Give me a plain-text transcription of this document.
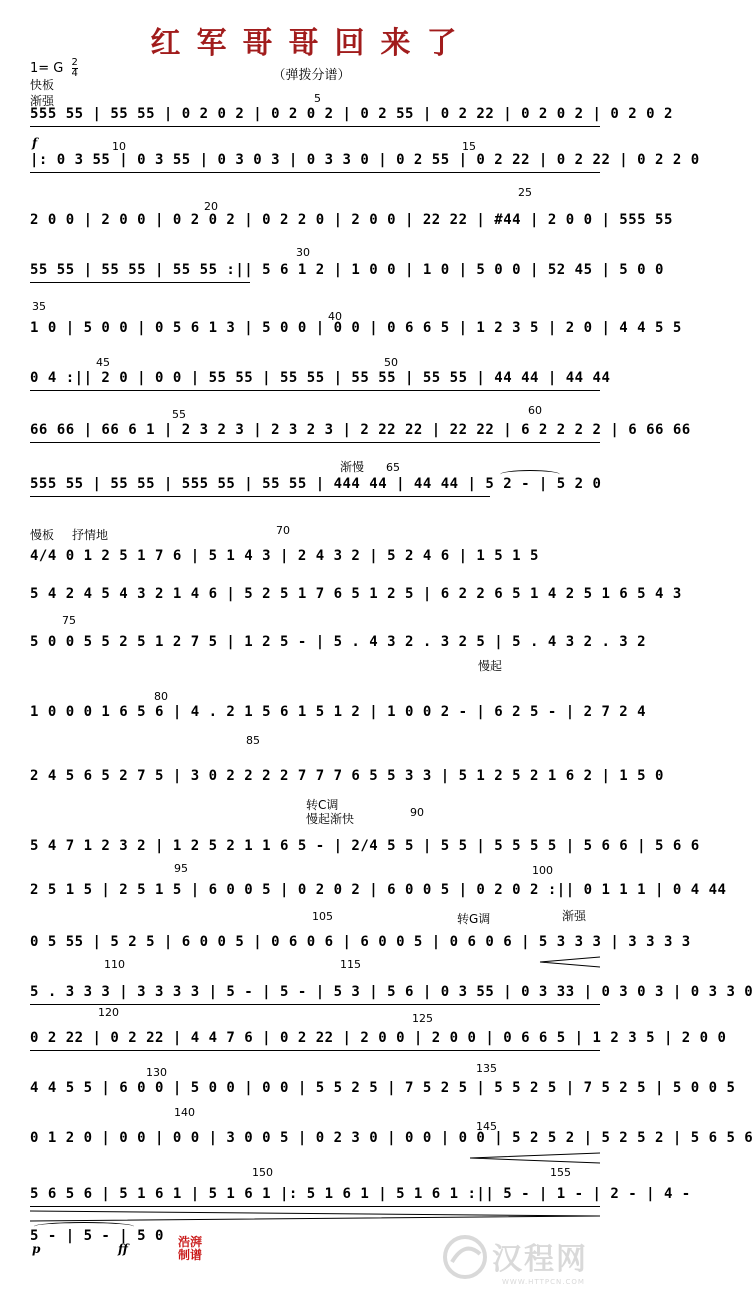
红军哥哥回来了
（弹拨分谱）
1= G $\frac{2}{4}$
快板
渐强
f
渐慢
慢板 抒情地
慢起
转C调
慢起渐快
转G调	渐强
p	ff
5
10	15
20
25
30
35
40
45	50
55	60
65
70
75
80
85
90
95	100
105
110	115
120	125
130	135
140
145
150	155
555 55 | 55 55 | 0 2 0 2 | 0 2 0 2 | 0 2 55 | 0 2 22 | 0 2 0 2 | 0 2 0 2
|: 0 3 55 | 0 3 55 | 0 3 0 3 | 0 3 3 0 | 0 2 55 | 0 2 22 | 0 2 22 | 0 2 2 0
2 0 0 | 2 0 0 | 0 2 0 2 | 0 2 2 0 | 2 0 0 | 22 22 | #44 | 2 0 0 | 555 55
55 55 | 55 55 | 55 55 :|| 5 6 1 2 | 1 0 0 | 1 0 | 5 0 0 | 52 45 | 5 0 0
1 0 | 5 0 0 | 0 5 6 1 3 | 5 0 0 | 0 0 | 0 6 6 5 | 1 2 3 5 | 2 0 | 4 4 5 5
0 4 :|| 2 0 | 0 0 | 55 55 | 55 55 | 55 55 | 55 55 | 44 44 | 44 44
66 66 | 66 6 1 | 2 3 2 3 | 2 3 2 3 | 2 22 22 | 22 22 | 6 2 2 2 2 | 6 66 66
555 55 | 55 55 | 555 55 | 55 55 | 444 44 | 44 44 | 5 2 - | 5 2 0
4/4 0 1 2 5 1 7 6 | 5 1 4 3 | 2 4 3 2 | 5 2 4 6 | 1 5 1 5
5 4 2 4 5 4 3 2 1 4 6 | 5 2 5 1 7 6 5 1 2 5 | 6 2 2 6 5 1 4 2 5 1 6 5 4 3
5 0 0 5 5 2 5 1 2 7 5 | 1 2 5 - | 5 . 4 3 2 . 3 2 5 | 5 . 4 3 2 . 3 2
1 0 0 0 1 6 5 6 | 4 . 2 1 5 6 1 5 1 2 | 1 0 0 2 - | 6 2 5 - | 2 7 2 4
2 4 5 6 5 2 7 5 | 3 0 2 2 2 2 7 7 7 6 5 5 3 3 | 5 1 2 5 2 1 6 2 | 1 5 0
5 4 7 1 2 3 2 | 1 2 5 2 1 1 6 5 - | 2/4 5 5 | 5 5 | 5 5 5 5 | 5 6 6 | 5 6 6
2 5 1 5 | 2 5 1 5 | 6 0 0 5 | 0 2 0 2 | 6 0 0 5 | 0 2 0 2 :|| 0 1 1 1 | 0 4 44
0 5 55 | 5 2 5 | 6 0 0 5 | 0 6 0 6 | 6 0 0 5 | 0 6 0 6 | 5 3 3 3 | 3 3 3 3
5 . 3 3 3 | 3 3 3 3 | 5 - | 5 - | 5 3 | 5 6 | 0 3 55 | 0 3 33 | 0 3 0 3 | 0 3 3 0
0 2 22 | 0 2 22 | 4 4 7 6 | 0 2 22 | 2 0 0 | 2 0 0 | 0 6 6 5 | 1 2 3 5 | 2 0 0
4 4 5 5 | 6 0 0 | 5 0 0 | 0 0 | 5 5 2 5 | 7 5 2 5 | 5 5 2 5 | 7 5 2 5 | 5 0 0 5
0 1 2 0 | 0 0 | 0 0 | 3 0 0 5 | 0 2 3 0 | 0 0 | 0 0 | 5 2 5 2 | 5 2 5 2 | 5 6 5 6
5 6 5 6 | 5 1 6 1 | 5 1 6 1 |: 5 1 6 1 | 5 1 6 1 :|| 5 - | 1 - | 2 - | 4 -
5 - | 5 - | 5 0	浩湃
制谱	汉程网
WWW.HTTPCN.COM
